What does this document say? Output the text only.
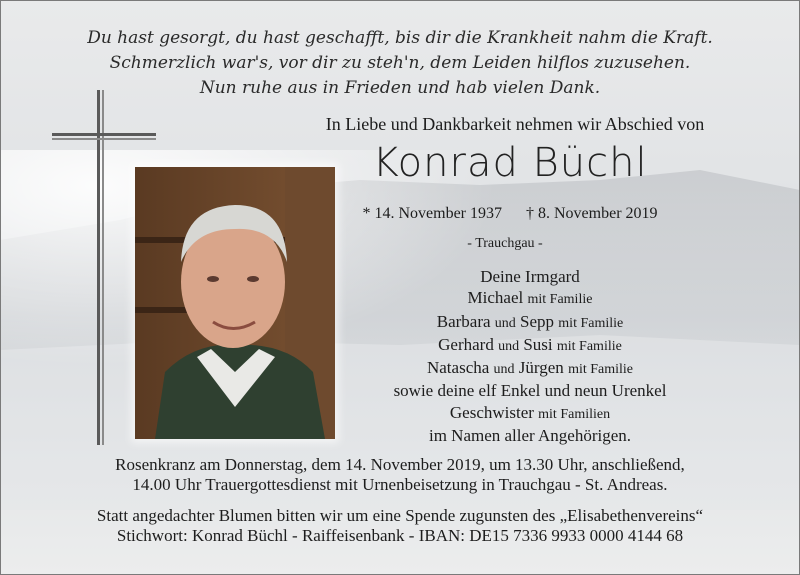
Du hast gesorgt, du hast geschafft, bis dir die Krankheit nahm die Kraft.
Schmerzlich war's, vor dir zu steh'n, dem Leiden hilflos zuzusehen.
Nun ruhe aus in Frieden und hab vielen Dank.
In Liebe und Dankbarkeit nehmen wir Abschied von
Konrad Büchl
* 14. November 1937 † 8. November 2019
- Trauchgau -
Deine Irmgard
Michael mit Familie
Barbara und Sepp mit Familie
Gerhard und Susi mit Familie
Natascha und Jürgen mit Familie
sowie deine elf Enkel und neun Urenkel
Geschwister mit Familien
im Namen aller Angehörigen.
Rosenkranz am Donnerstag, dem 14. November 2019, um 13.30 Uhr, anschließend,
14.00 Uhr Trauergottesdienst mit Urnenbeisetzung in Trauchgau - St. Andreas.
Statt angedachter Blumen bitten wir um eine Spende zugunsten des „Elisabethenvereins“
Stichwort: Konrad Büchl - Raiffeisenbank - IBAN: DE15 7336 9933 0000 4144 68
